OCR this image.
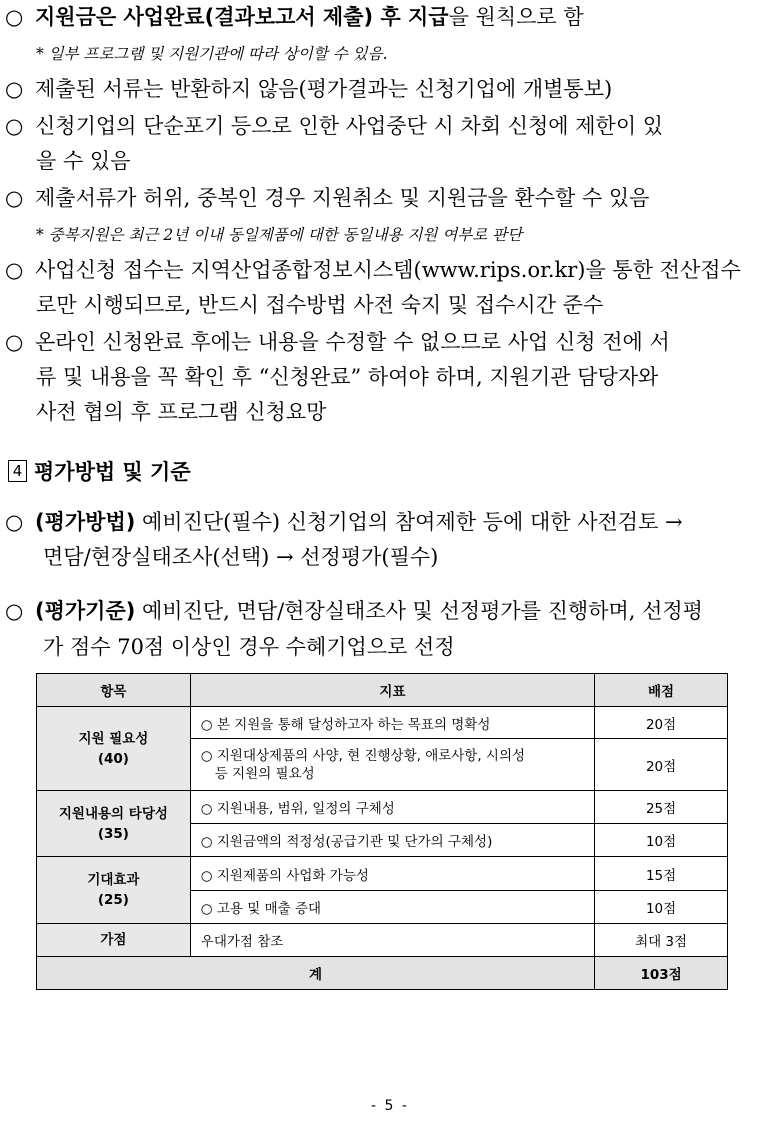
○ 지원금은 사업완료(결과보고서 제출) 후 지급을 원칙으로 함
* 일부 프로그램 및 지원기관에 따라 상이할 수 있음.
○ 제출된 서류는 반환하지 않음(평가결과는 신청기업에 개별통보)
○ 신청기업의 단순포기 등으로 인한 사업중단 시 차회 신청에 제한이 있
을 수 있음
○ 제출서류가 허위, 중복인 경우 지원취소 및 지원금을 환수할 수 있음
* 중복지원은 최근 2년 이내 동일제품에 대한 동일내용 지원 여부로 판단
○ 사업신청 접수는 지역산업종합정보시스템(www.rips.or.kr)을 통한 전산접수
로만 시행되므로, 반드시 접수방법 사전 숙지 및 접수시간 준수
○ 온라인 신청완료 후에는 내용을 수정할 수 없으므로 사업 신청 전에 서
류 및 내용을 꼭 확인 후 “신청완료” 하여야 하며, 지원기관 담당자와
사전 협의 후 프로그램 신청요망
4 평가방법 및 기준
○ (평가방법) 예비진단(필수) 신청기업의 참여제한 등에 대한 사전검토 →
면담/현장실태조사(선택) → 선정평가(필수)
○ (평가기준) 예비진단, 면담/현장실태조사 및 선정평가를 진행하며, 선정평
가 점수 70점 이상인 경우 수혜기업으로 선정
항목	지표	배점

지원 필요성
(40)	○ 본 지원을 통해 달성하고자 하는 목표의 명확성	20점

	○ 지원대상제품의 사양, 현 진행상황, 애로사항, 시의성
등 지원의 필요성	20점

지원내용의 타당성
(35)	○ 지원내용, 범위, 일정의 구체성	25점
	○ 지원금액의 적정성(공급기관 및 단가의 구체성)	10점

기대효과
(25)	○ 지원제품의 사업화 가능성	15점
	○ 고용 및 매출 증대	10점
가점	우대가점 참조	최대 3점
계		103점
- 5 -
